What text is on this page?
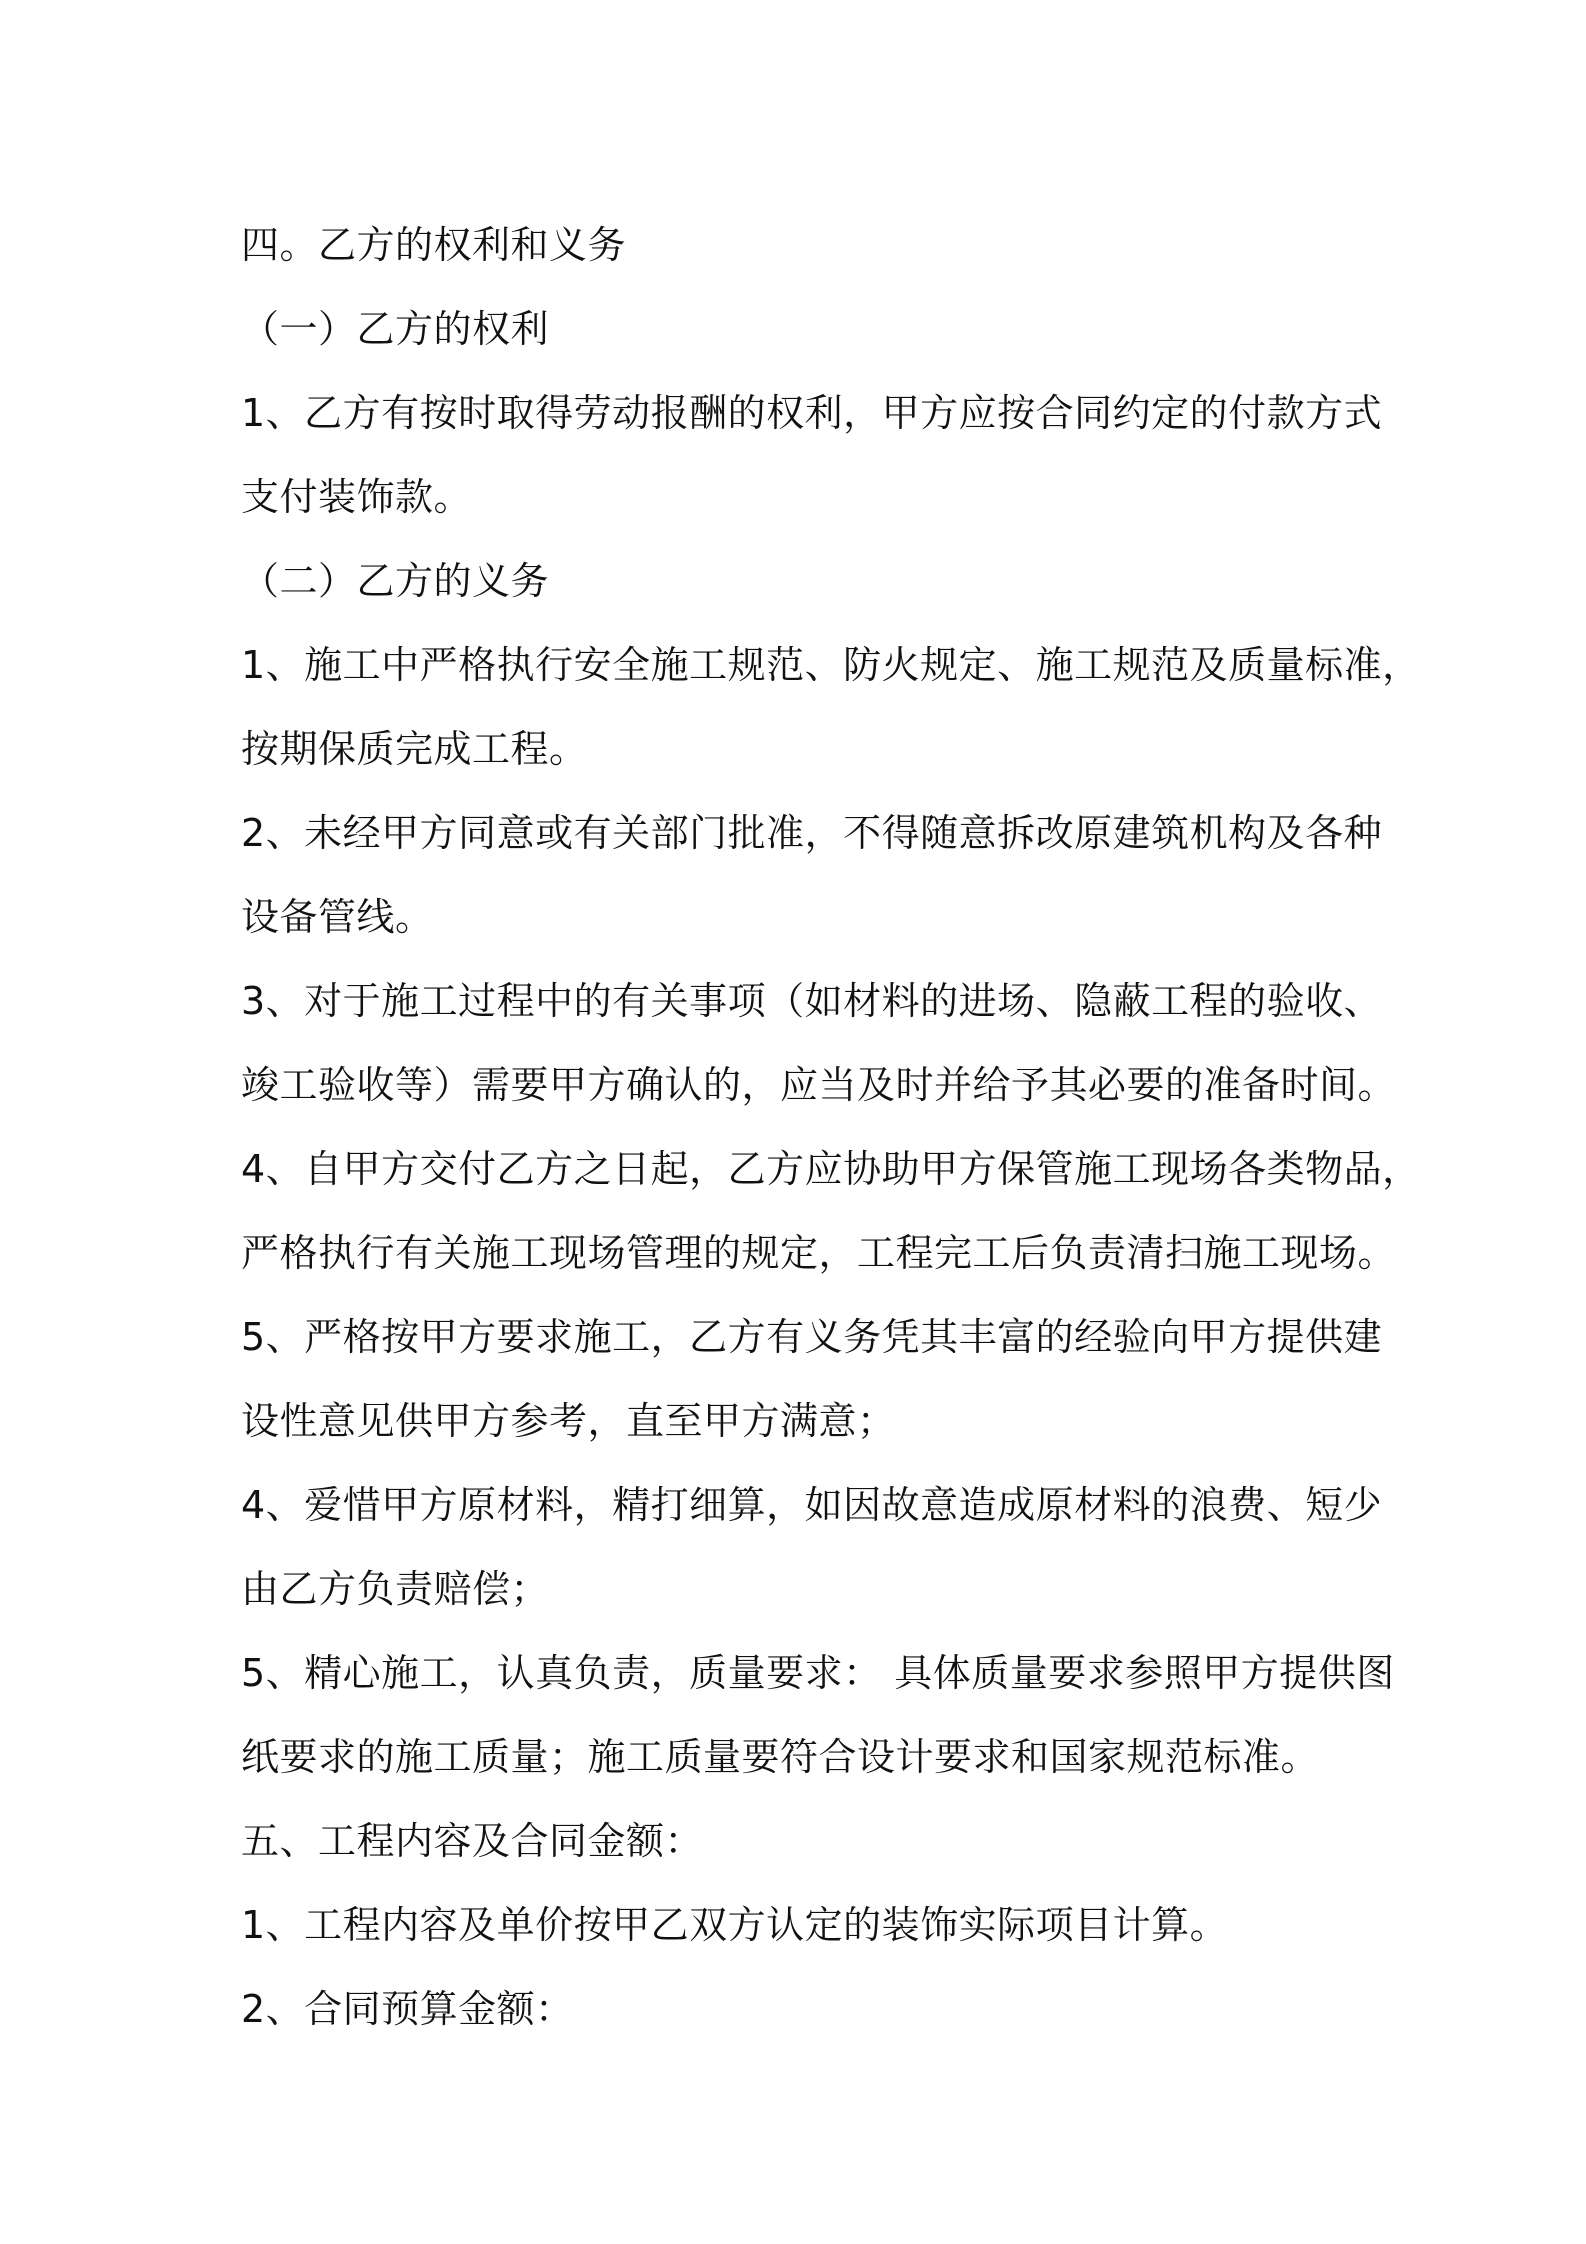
四。乙方的权利和义务
（一）乙方的权利
1、乙方有按时取得劳动报酬的权利，甲方应按合同约定的付款方式
支付装饰款。
（二）乙方的义务
1、施工中严格执行安全施工规范、防火规定、施工规范及质量标准，
按期保质完成工程。
2、未经甲方同意或有关部门批准，不得随意拆改原建筑机构及各种
设备管线。
3、对于施工过程中的有关事项（如材料的进场、隐蔽工程的验收、
竣工验收等）需要甲方确认的，应当及时并给予其必要的准备时间。
4、自甲方交付乙方之日起，乙方应协助甲方保管施工现场各类物品，
严格执行有关施工现场管理的规定，工程完工后负责清扫施工现场。
5、严格按甲方要求施工，乙方有义务凭其丰富的经验向甲方提供建
设性意见供甲方参考，直至甲方满意；
4、爱惜甲方原材料，精打细算，如因故意造成原材料的浪费、短少
由乙方负责赔偿；
5、精心施工，认真负责，质量要求： 具体质量要求参照甲方提供图
纸要求的施工质量；施工质量要符合设计要求和国家规范标准。
五、工程内容及合同金额：
1、工程内容及单价按甲乙双方认定的装饰实际项目计算。
2、合同预算金额：
